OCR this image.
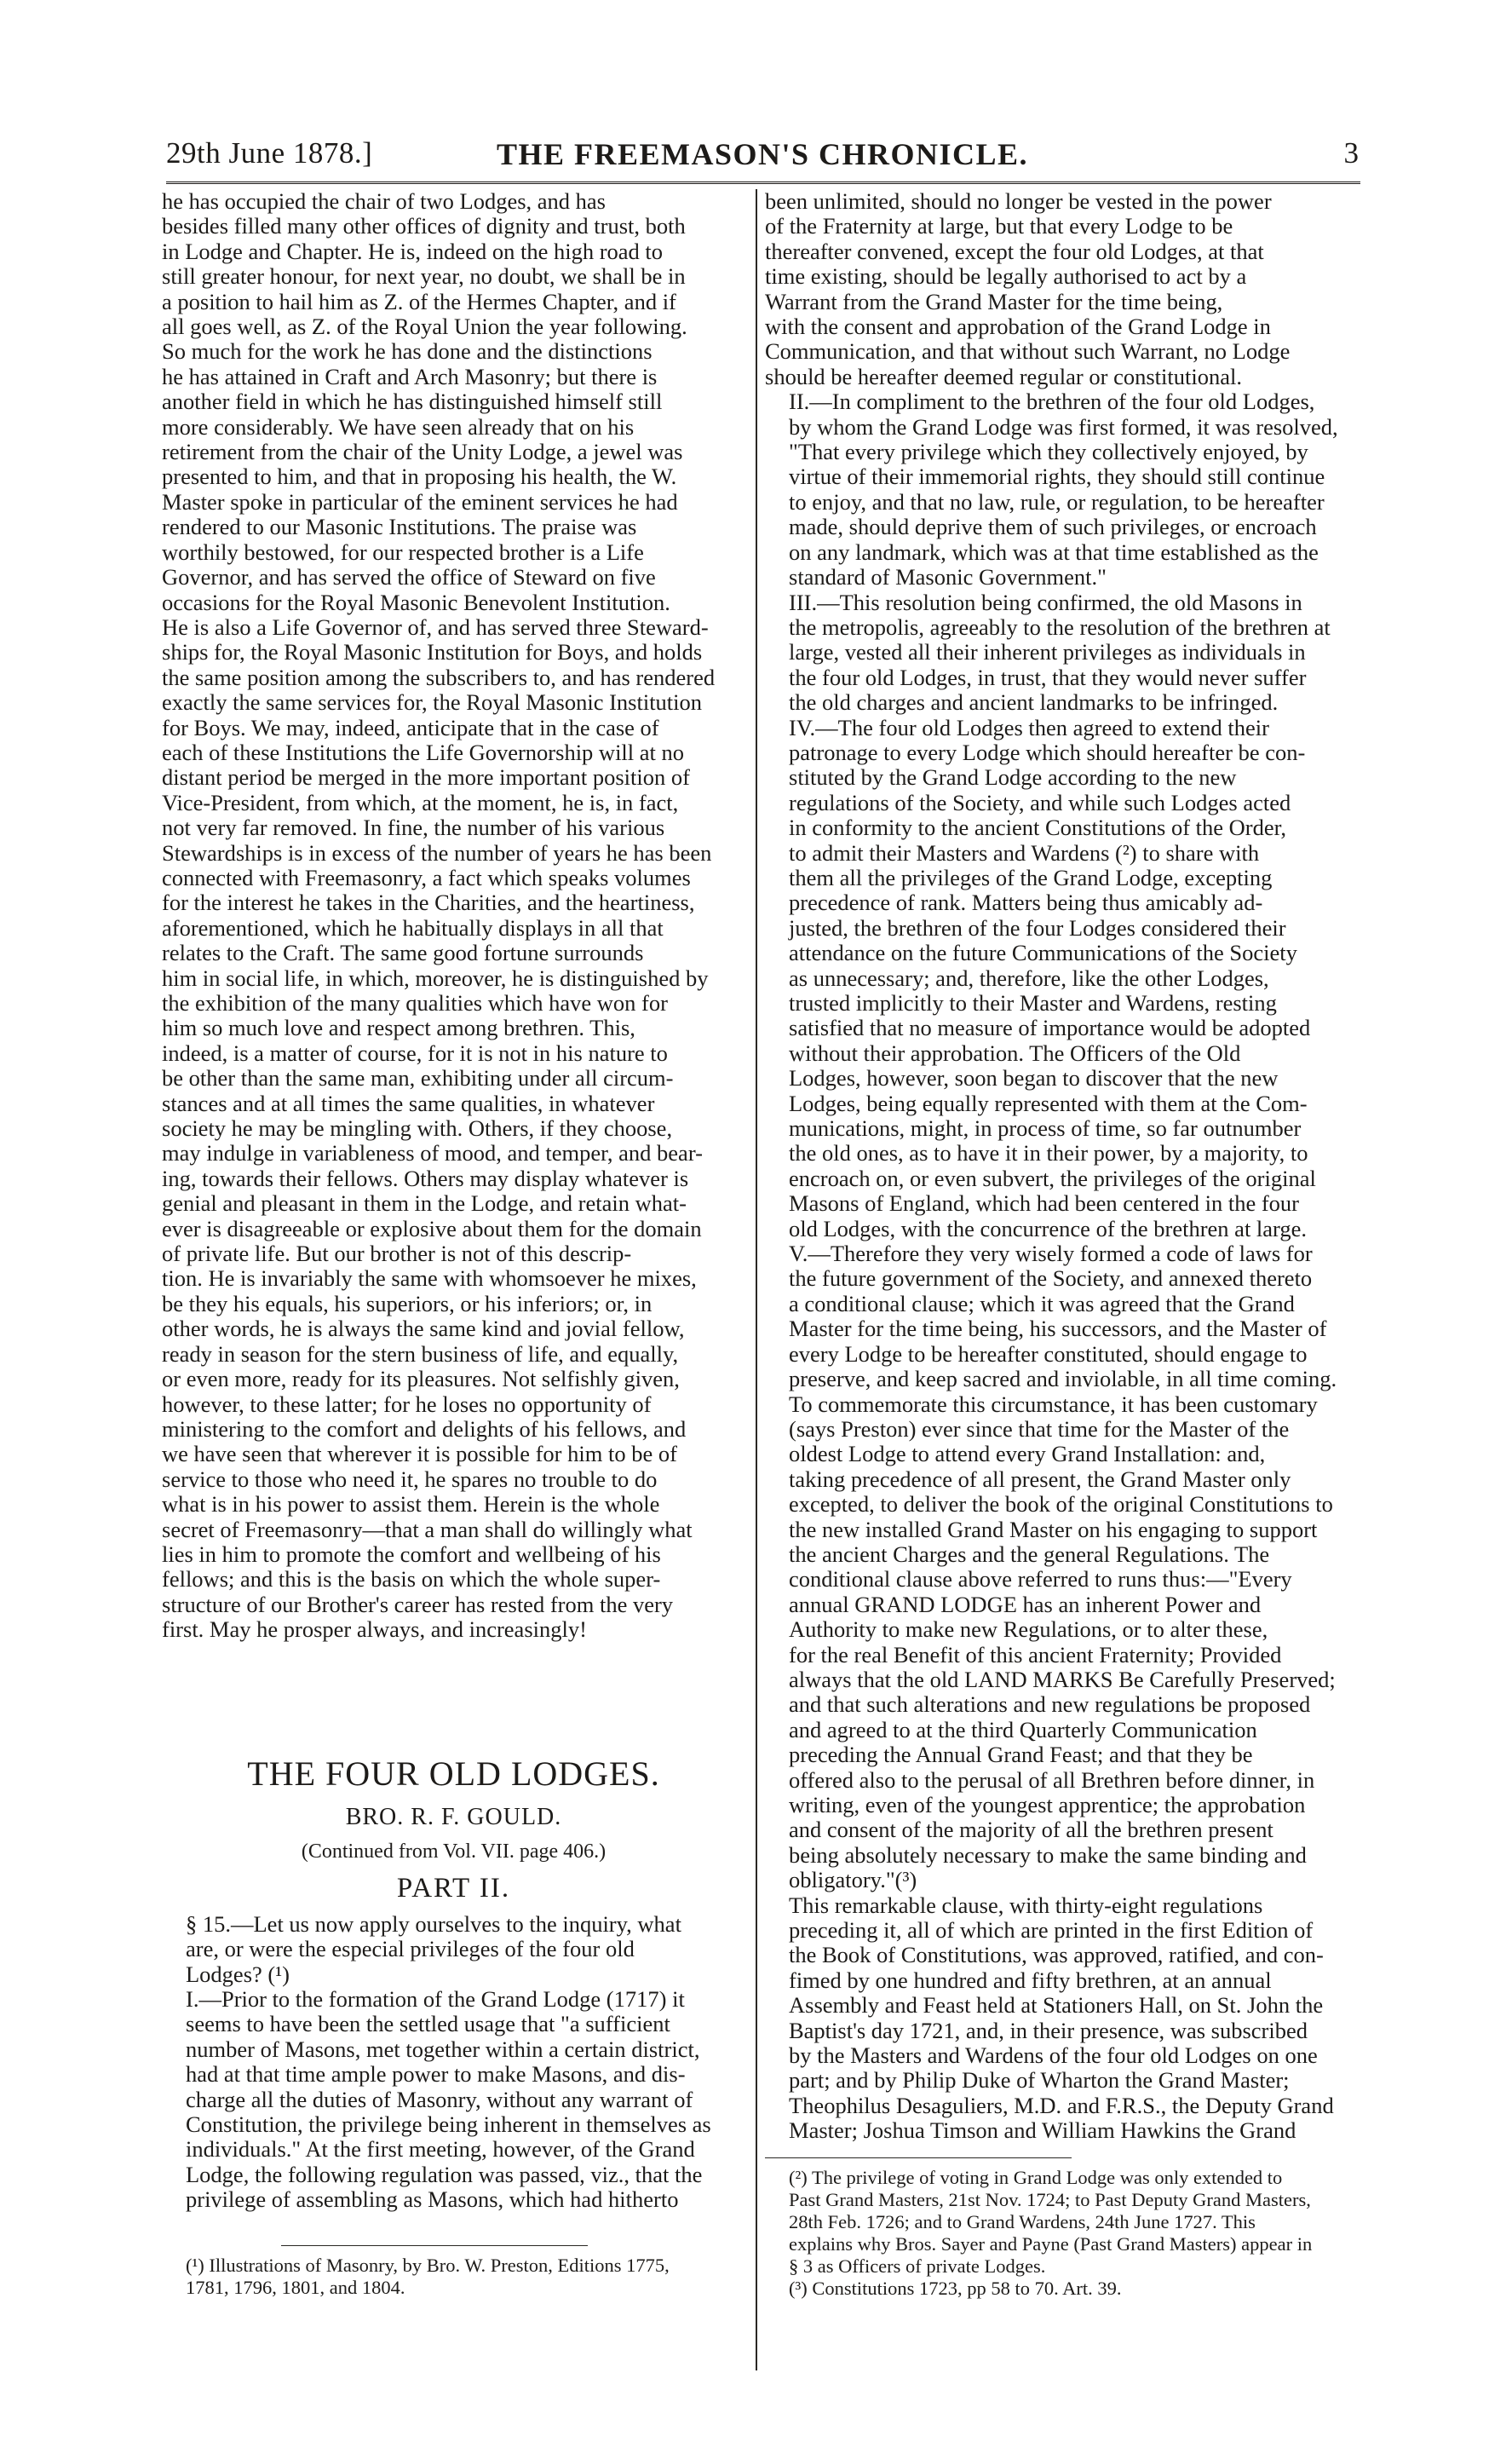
29th June 1878.]	THE FREEMASON'S CHRONICLE.	3

he has occupied the chair of two Lodges, and has
besides filled many other offices of dignity and trust, both
in Lodge and Chapter. He is, indeed on the high road to
still greater honour, for next year, no doubt, we shall be in
a position to hail him as Z. of the Hermes Chapter, and if
all goes well, as Z. of the Royal Union the year following.
So much for the work he has done and the distinctions
he has attained in Craft and Arch Masonry; but there is
another field in which he has distinguished himself still
more considerably. We have seen already that on his
retirement from the chair of the Unity Lodge, a jewel was
presented to him, and that in proposing his health, the W.
Master spoke in particular of the eminent services he had
rendered to our Masonic Institutions. The praise was
worthily bestowed, for our respected brother is a Life
Governor, and has served the office of Steward on five
occasions for the Royal Masonic Benevolent Institution.
He is also a Life Governor of, and has served three Steward-
ships for, the Royal Masonic Institution for Boys, and holds
the same position among the subscribers to, and has rendered
exactly the same services for, the Royal Masonic Institution
for Boys. We may, indeed, anticipate that in the case of
each of these Institutions the Life Governorship will at no
distant period be merged in the more important position of
Vice-President, from which, at the moment, he is, in fact,
not very far removed. In fine, the number of his various
Stewardships is in excess of the number of years he has been
connected with Freemasonry, a fact which speaks volumes
for the interest he takes in the Charities, and the heartiness,
aforementioned, which he habitually displays in all that
relates to the Craft. The same good fortune surrounds
him in social life, in which, moreover, he is distinguished by
the exhibition of the many qualities which have won for
him so much love and respect among brethren. This,
indeed, is a matter of course, for it is not in his nature to
be other than the same man, exhibiting under all circum-
stances and at all times the same qualities, in whatever
society he may be mingling with. Others, if they choose,
may indulge in variableness of mood, and temper, and bear-
ing, towards their fellows. Others may display whatever is
genial and pleasant in them in the Lodge, and retain what-
ever is disagreeable or explosive about them for the domain
of private life. But our brother is not of this descrip-
tion. He is invariably the same with whomsoever he mixes,
be they his equals, his superiors, or his inferiors; or, in
other words, he is always the same kind and jovial fellow,
ready in season for the stern business of life, and equally,
or even more, ready for its pleasures. Not selfishly given,
however, to these latter; for he loses no opportunity of
ministering to the comfort and delights of his fellows, and
we have seen that wherever it is possible for him to be of
service to those who need it, he spares no trouble to do
what is in his power to assist them. Herein is the whole
secret of Freemasonry—that a man shall do willingly what
lies in him to promote the comfort and wellbeing of his
fellows; and this is the basis on which the whole super-
structure of our Brother's career has rested from the very
first. May he prosper always, and increasingly!

THE FOUR OLD LODGES.
BRO. R. F. GOULD.
(Continued from Vol. VII. page 406.)
PART II.

§ 15.—Let us now apply ourselves to the inquiry, what
are, or were the especial privileges of the four old
Lodges? (¹)

I.—Prior to the formation of the Grand Lodge (1717) it
seems to have been the settled usage that "a sufficient
number of Masons, met together within a certain district,
had at that time ample power to make Masons, and dis-
charge all the duties of Masonry, without any warrant of
Constitution, the privilege being inherent in themselves as
individuals." At the first meeting, however, of the Grand
Lodge, the following regulation was passed, viz., that the
privilege of assembling as Masons, which had hitherto

(¹) Illustrations of Masonry, by Bro. W. Preston, Editions 1775,
1781, 1796, 1801, and 1804.

been unlimited, should no longer be vested in the power
of the Fraternity at large, but that every Lodge to be
thereafter convened, except the four old Lodges, at that
time existing, should be legally authorised to act by a
Warrant from the Grand Master for the time being,
with the consent and approbation of the Grand Lodge in
Communication, and that without such Warrant, no Lodge
should be hereafter deemed regular or constitutional.

II.—In compliment to the brethren of the four old Lodges,
by whom the Grand Lodge was first formed, it was resolved,
"That every privilege which they collectively enjoyed, by
virtue of their immemorial rights, they should still continue
to enjoy, and that no law, rule, or regulation, to be hereafter
made, should deprive them of such privileges, or encroach
on any landmark, which was at that time established as the
standard of Masonic Government."

III.—This resolution being confirmed, the old Masons in
the metropolis, agreeably to the resolution of the brethren at
large, vested all their inherent privileges as individuals in
the four old Lodges, in trust, that they would never suffer
the old charges and ancient landmarks to be infringed.

IV.—The four old Lodges then agreed to extend their
patronage to every Lodge which should hereafter be con-
stituted by the Grand Lodge according to the new
regulations of the Society, and while such Lodges acted
in conformity to the ancient Constitutions of the Order,
to admit their Masters and Wardens (²) to share with
them all the privileges of the Grand Lodge, excepting
precedence of rank. Matters being thus amicably ad-
justed, the brethren of the four Lodges considered their
attendance on the future Communications of the Society
as unnecessary; and, therefore, like the other Lodges,
trusted implicitly to their Master and Wardens, resting
satisfied that no measure of importance would be adopted
without their approbation. The Officers of the Old
Lodges, however, soon began to discover that the new
Lodges, being equally represented with them at the Com-
munications, might, in process of time, so far outnumber
the old ones, as to have it in their power, by a majority, to
encroach on, or even subvert, the privileges of the original
Masons of England, which had been centered in the four
old Lodges, with the concurrence of the brethren at large.

V.—Therefore they very wisely formed a code of laws for
the future government of the Society, and annexed thereto
a conditional clause; which it was agreed that the Grand
Master for the time being, his successors, and the Master of
every Lodge to be hereafter constituted, should engage to
preserve, and keep sacred and inviolable, in all time coming.
To commemorate this circumstance, it has been customary
(says Preston) ever since that time for the Master of the
oldest Lodge to attend every Grand Installation: and,
taking precedence of all present, the Grand Master only
excepted, to deliver the book of the original Constitutions to
the new installed Grand Master on his engaging to support
the ancient Charges and the general Regulations. The
conditional clause above referred to runs thus:—"Every
annual GRAND LODGE has an inherent Power and
Authority to make new Regulations, or to alter these,
for the real Benefit of this ancient Fraternity; Provided
always that the old LAND MARKS Be Carefully Preserved;
and that such alterations and new regulations be proposed
and agreed to at the third Quarterly Communication
preceding the Annual Grand Feast; and that they be
offered also to the perusal of all Brethren before dinner, in
writing, even of the youngest apprentice; the approbation
and consent of the majority of all the brethren present
being absolutely necessary to make the same binding and
obligatory."(³)

This remarkable clause, with thirty-eight regulations
preceding it, all of which are printed in the first Edition of
the Book of Constitutions, was approved, ratified, and con-
fimed by one hundred and fifty brethren, at an annual
Assembly and Feast held at Stationers Hall, on St. John the
Baptist's day 1721, and, in their presence, was subscribed
by the Masters and Wardens of the four old Lodges on one
part; and by Philip Duke of Wharton the Grand Master;
Theophilus Desaguliers, M.D. and F.R.S., the Deputy Grand
Master; Joshua Timson and William Hawkins the Grand

(²) The privilege of voting in Grand Lodge was only extended to
Past Grand Masters, 21st Nov. 1724; to Past Deputy Grand Masters,
28th Feb. 1726; and to Grand Wardens, 24th June 1727. This
explains why Bros. Sayer and Payne (Past Grand Masters) appear in
§ 3 as Officers of private Lodges.

(³) Constitutions 1723, pp 58 to 70. Art. 39.
